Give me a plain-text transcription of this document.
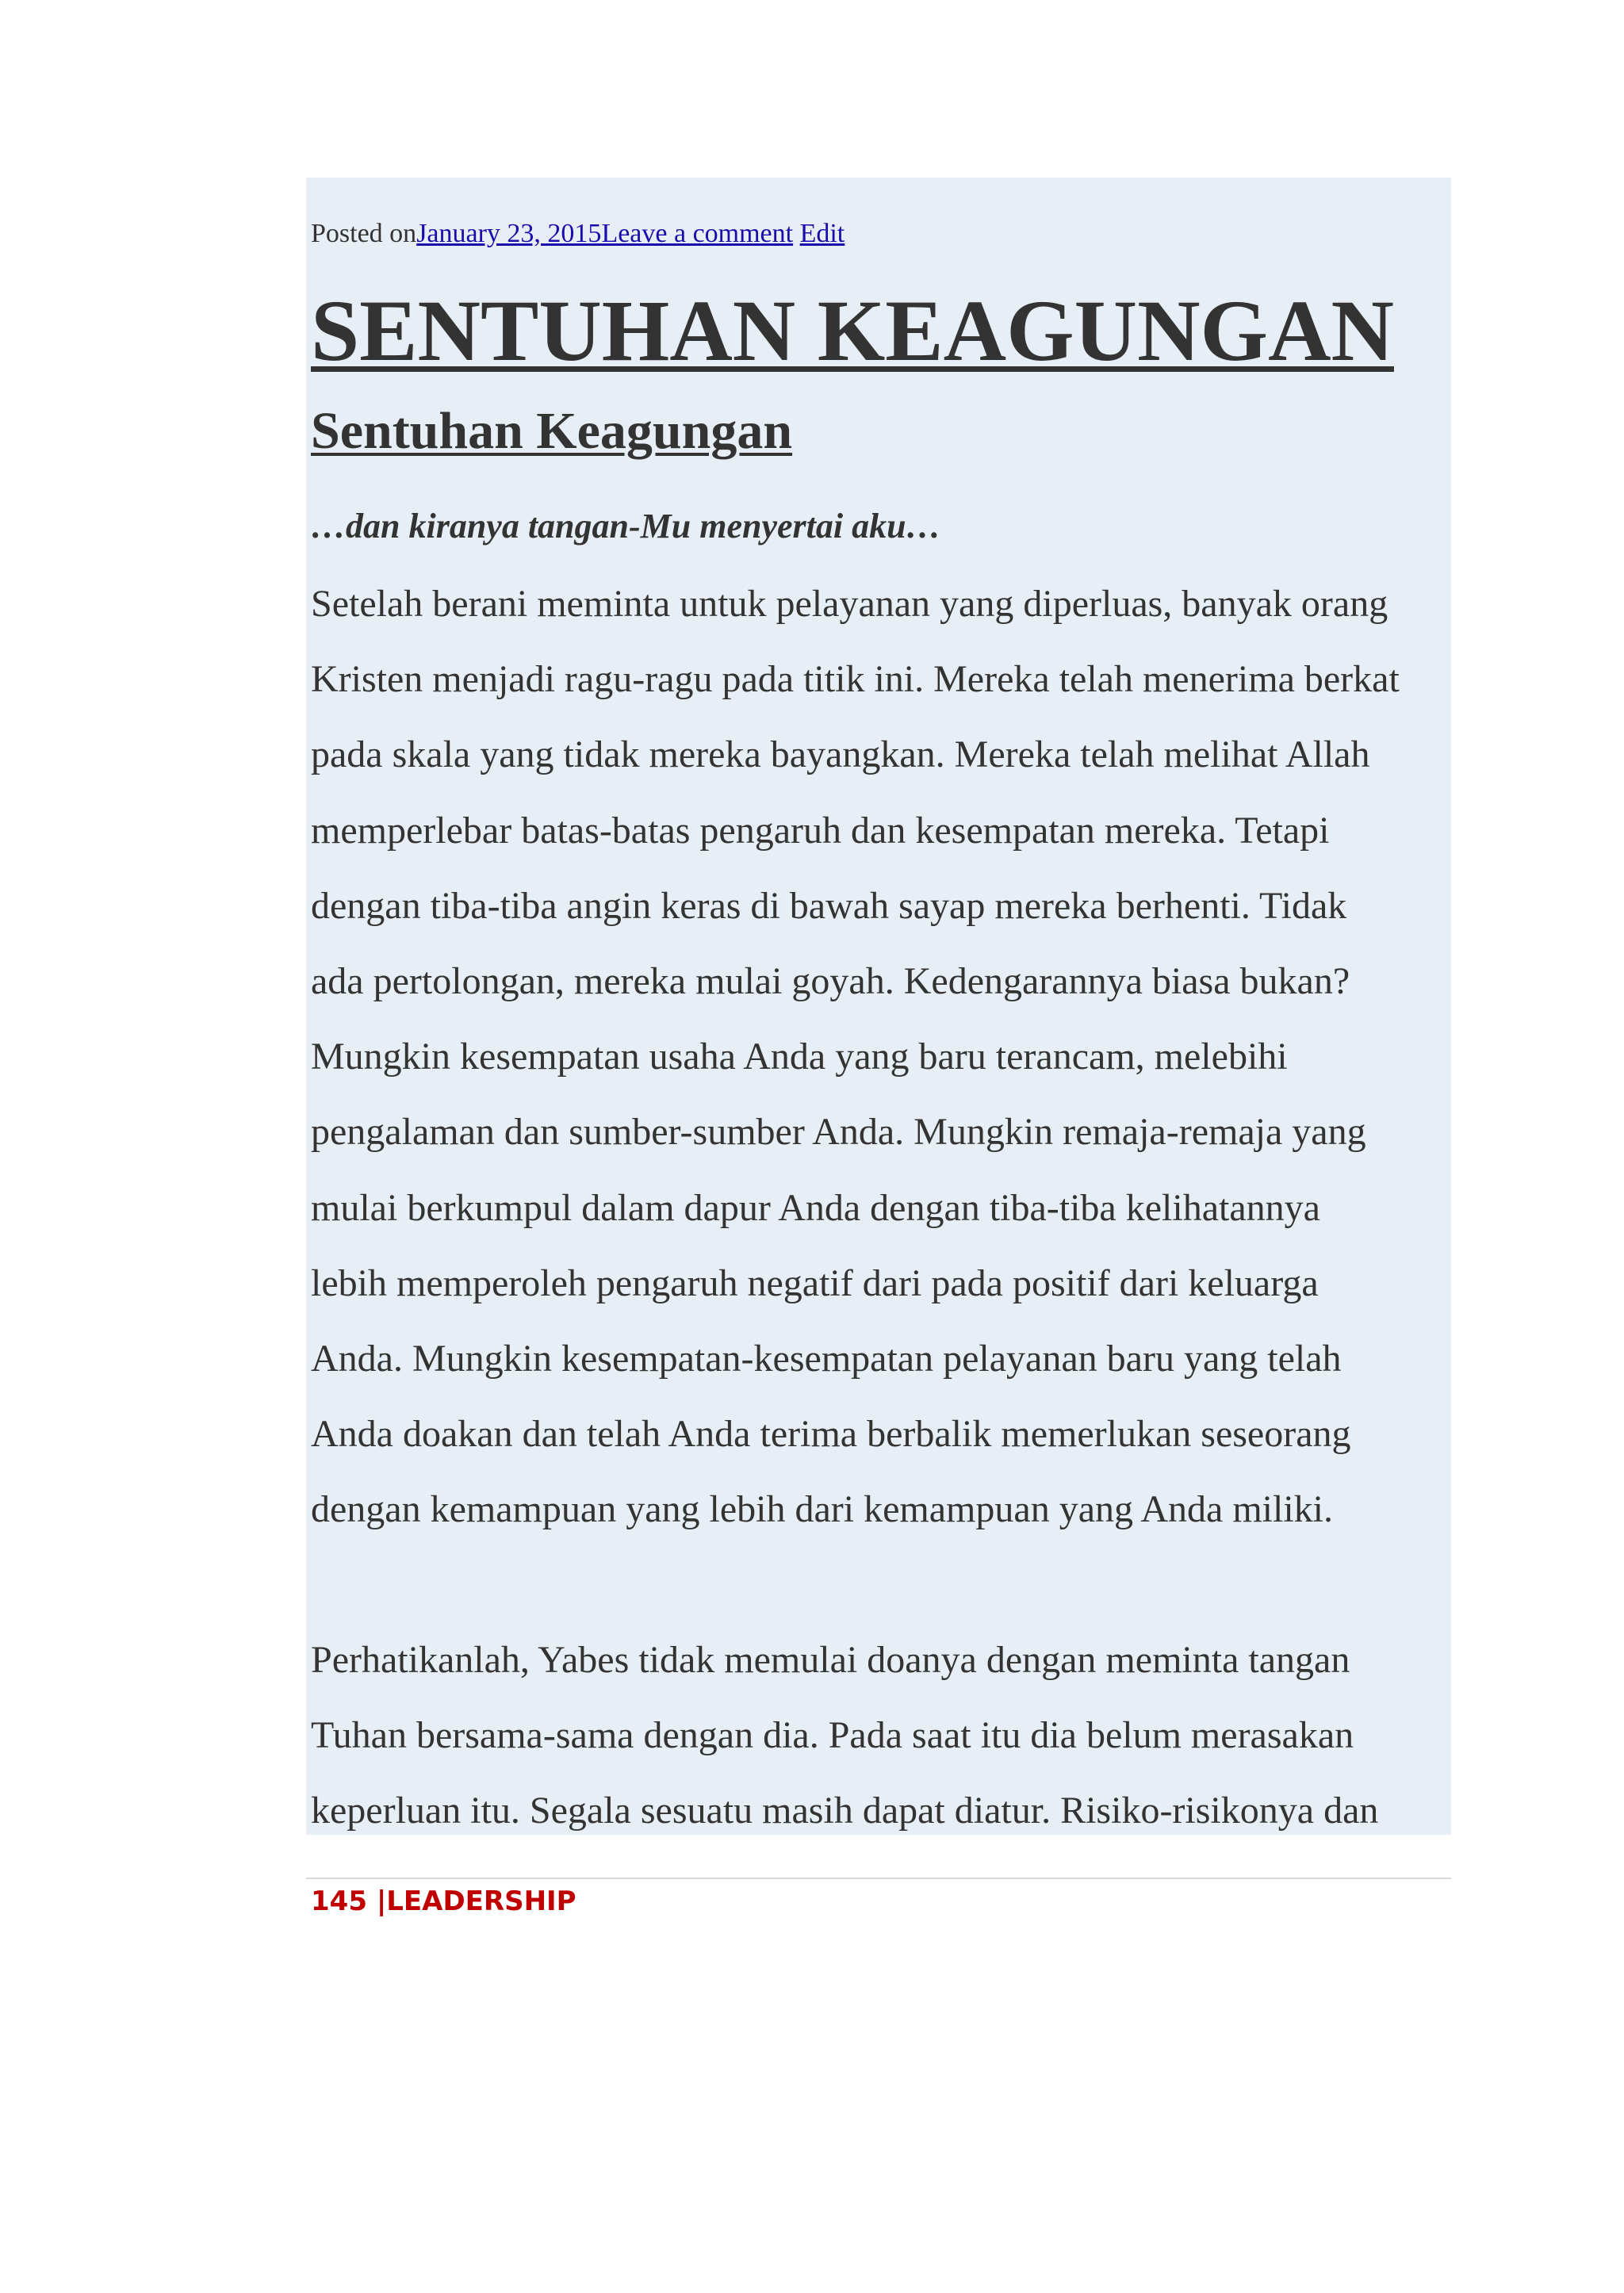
Posted onJanuary 23, 2015Leave a comment Edit
SENTUHAN KEAGUNGAN
Sentuhan Keagungan

…dan kiranya tangan-Mu menyertai aku…

Setelah berani meminta untuk pelayanan yang diperluas, banyak orang
Kristen menjadi ragu-ragu pada titik ini. Mereka telah menerima berkat
pada skala yang tidak mereka bayangkan. Mereka telah melihat Allah
memperlebar batas-batas pengaruh dan kesempatan mereka. Tetapi
dengan tiba-tiba angin keras di bawah sayap mereka berhenti. Tidak
ada pertolongan, mereka mulai goyah. Kedengarannya biasa bukan?
Mungkin kesempatan usaha Anda yang baru terancam, melebihi
pengalaman dan sumber-sumber Anda. Mungkin remaja-remaja yang
mulai berkumpul dalam dapur Anda dengan tiba-tiba kelihatannya
lebih memperoleh pengaruh negatif dari pada positif dari keluarga
Anda. Mungkin kesempatan-kesempatan pelayanan baru yang telah
Anda doakan dan telah Anda terima berbalik memerlukan seseorang
dengan kemampuan yang lebih dari kemampuan yang Anda miliki.

Perhatikanlah, Yabes tidak memulai doanya dengan meminta tangan
Tuhan bersama-sama dengan dia. Pada saat itu dia belum merasakan
keperluan itu. Segala sesuatu masih dapat diatur. Risiko-risikonya dan

145 |LEADERSHIP
